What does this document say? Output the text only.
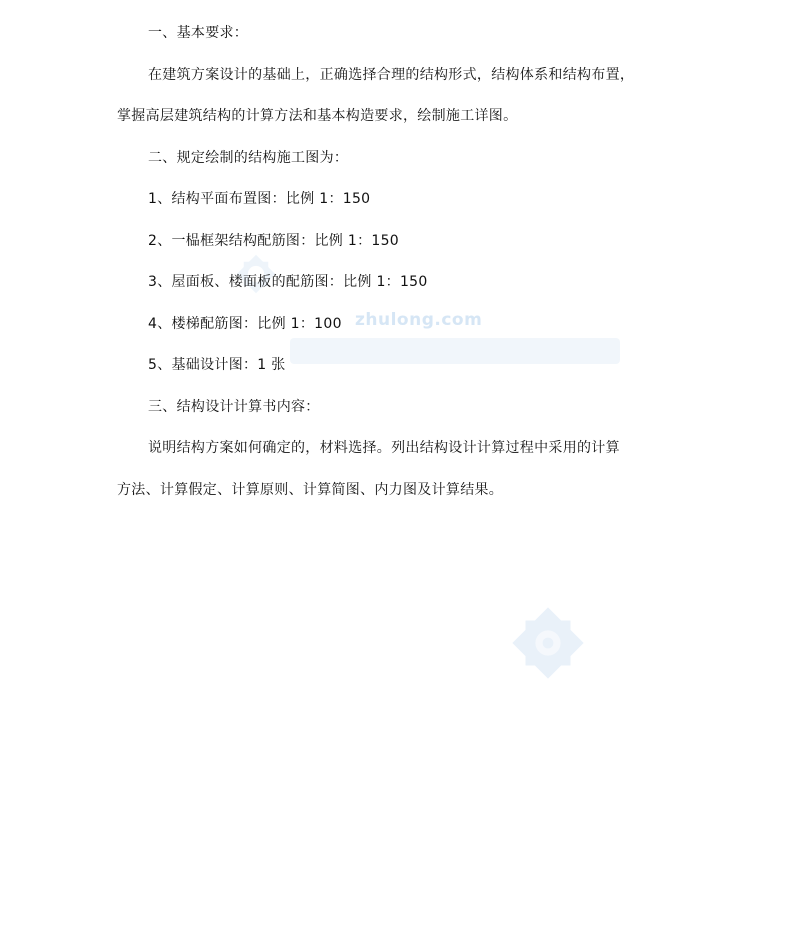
zhulong.com
一、基本要求：
在建筑方案设计的基础上，正确选择合理的结构形式，结构体系和结构布置，
掌握高层建筑结构的计算方法和基本构造要求，绘制施工详图。
二、规定绘制的结构施工图为：
1、结构平面布置图：比例 1：150
2、一榀框架结构配筋图：比例 1：150
3、屋面板、楼面板的配筋图：比例 1：150
4、楼梯配筋图：比例 1：100
5、基础设计图：1 张
三、结构设计计算书内容：
说明结构方案如何确定的，材料选择。列出结构设计计算过程中采用的计算
方法、计算假定、计算原则、计算简图、内力图及计算结果。
